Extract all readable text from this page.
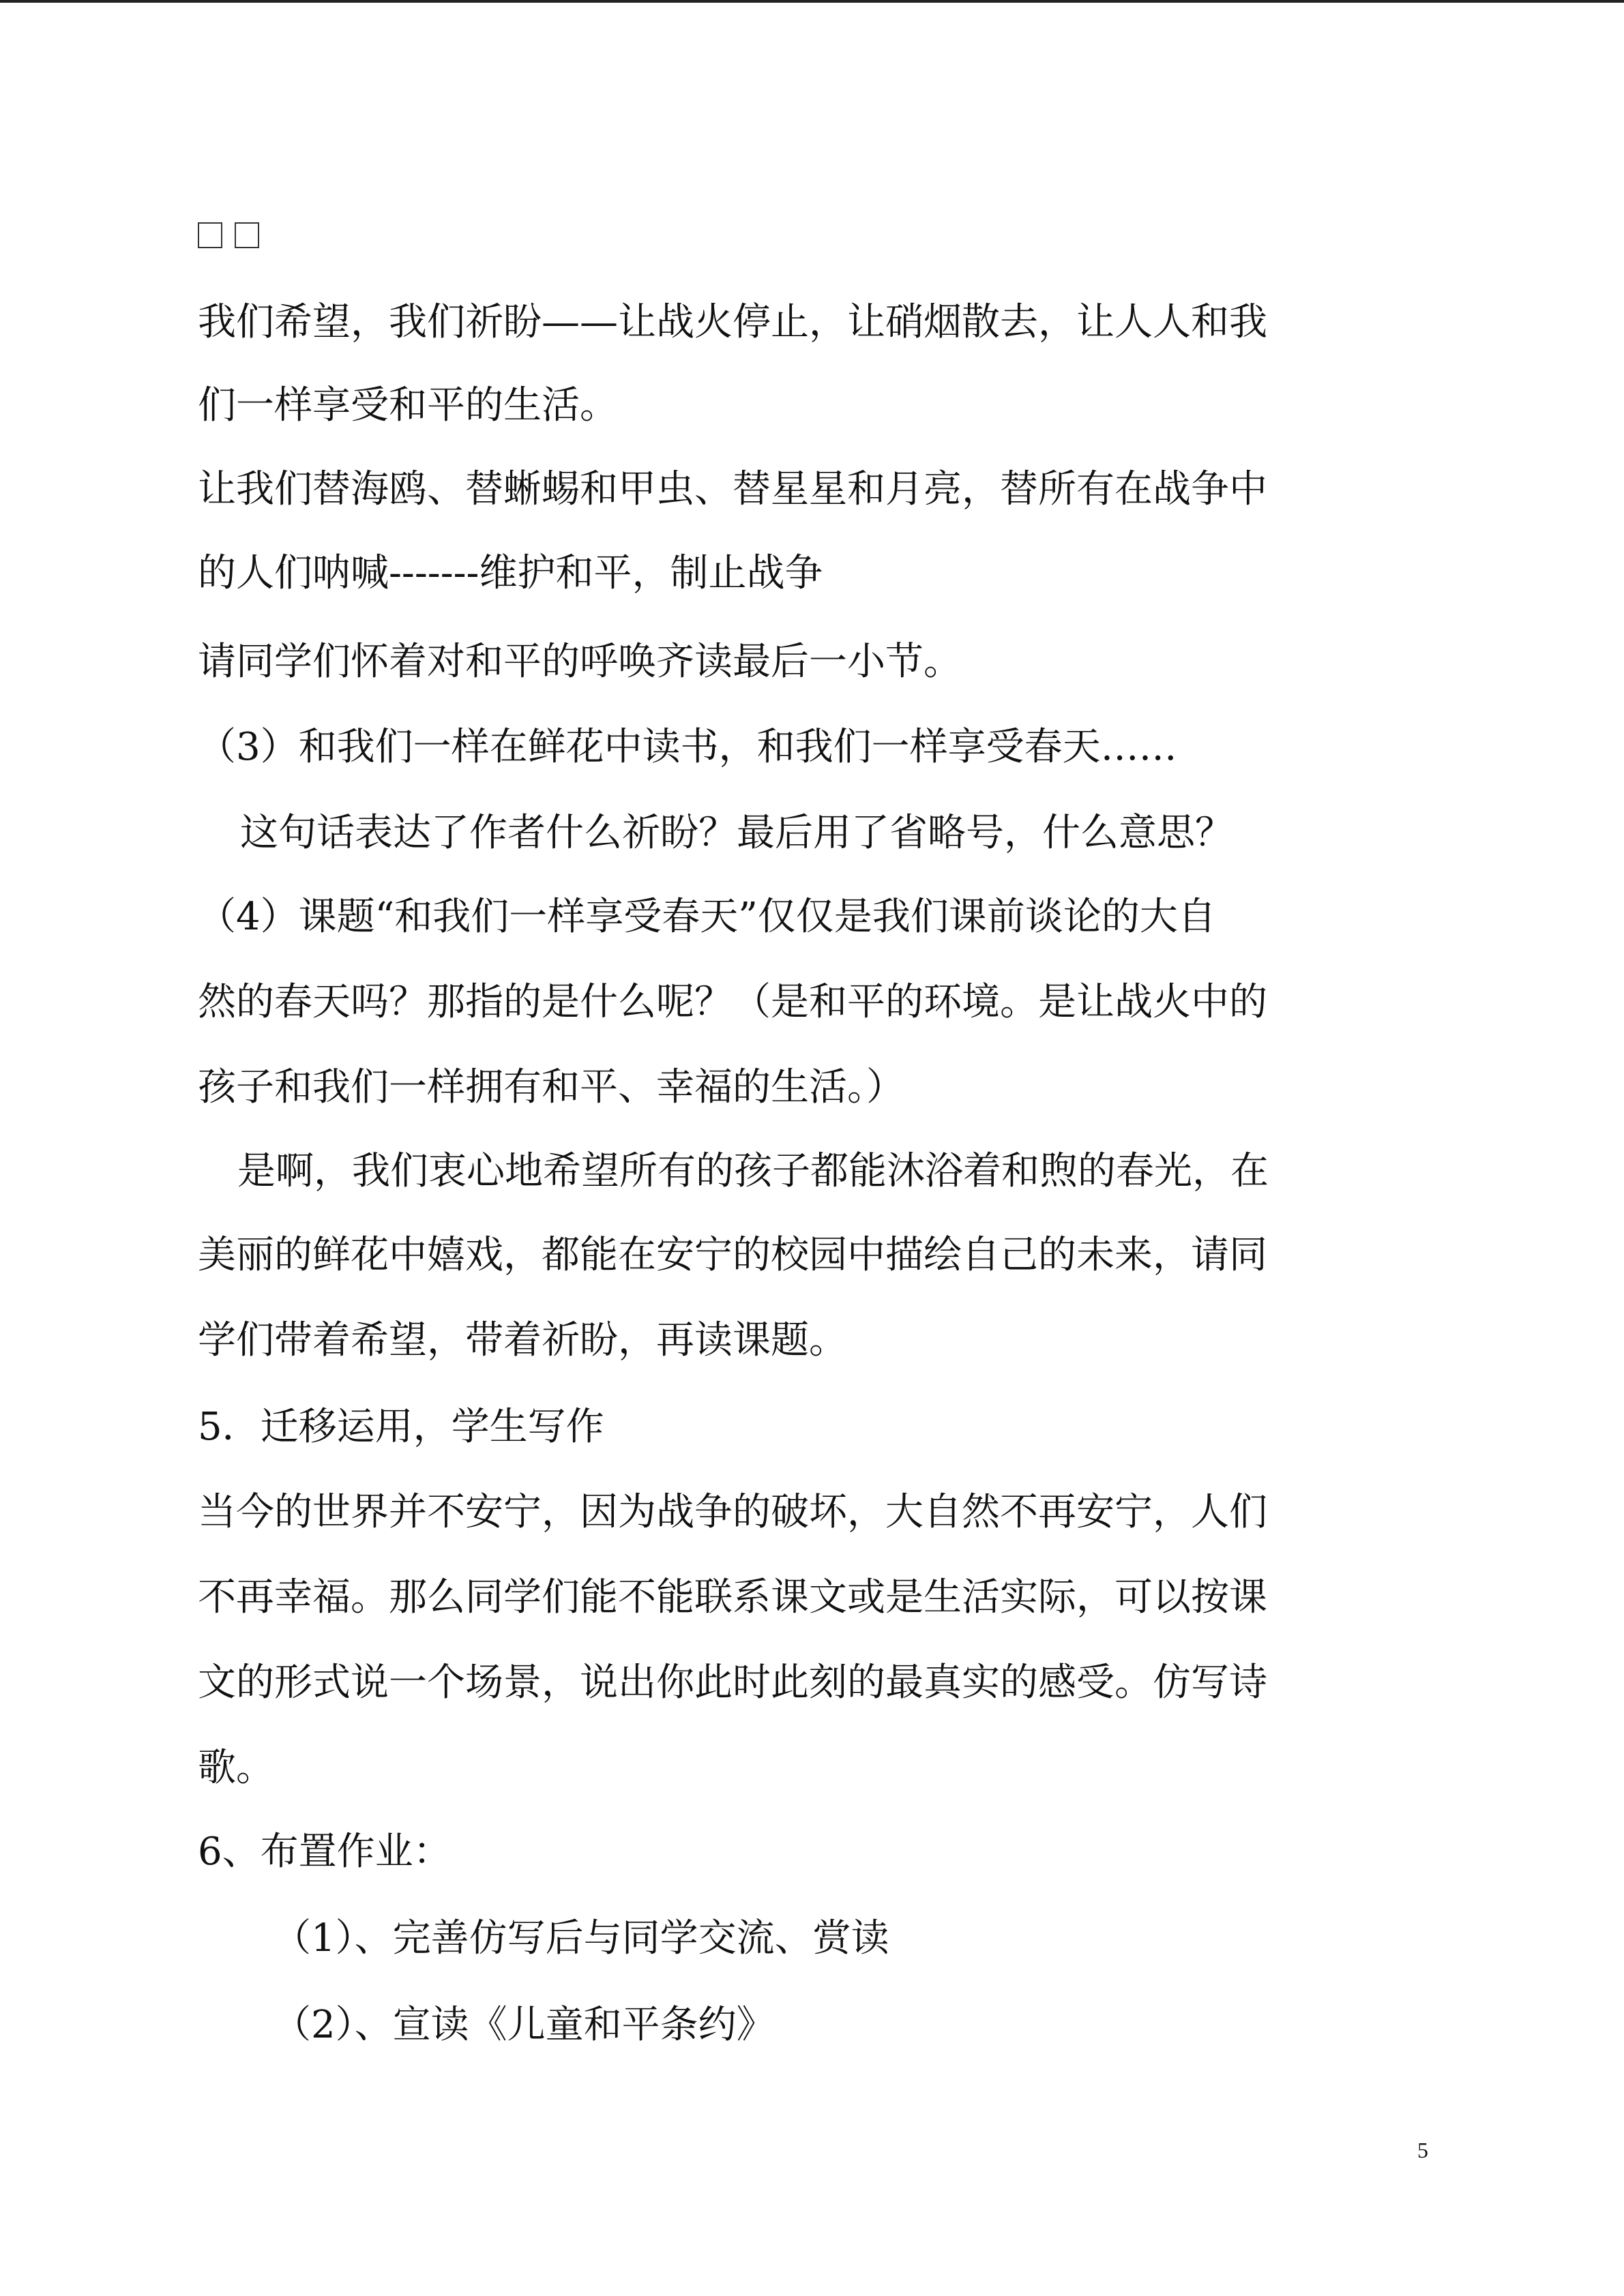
我们希望，我们祈盼——让战火停止，让硝烟散去，让人人和我
们一样享受和平的生活。
让我们替海鸥、替蜥蜴和甲虫、替星星和月亮，替所有在战争中
的人们呐喊-------维护和平，制止战争
请同学们怀着对和平的呼唤齐读最后一小节。
（3）和我们一样在鲜花中读书，和我们一样享受春天……
这句话表达了作者什么祈盼？最后用了省略号，什么意思？
（4）课题“和我们一样享受春天”仅仅是我们课前谈论的大自
然的春天吗？那指的是什么呢？（是和平的环境。是让战火中的
孩子和我们一样拥有和平、幸福的生活。）
是啊，我们衷心地希望所有的孩子都能沐浴着和煦的春光，在
美丽的鲜花中嬉戏，都能在安宁的校园中描绘自己的未来，请同
学们带着希望，带着祈盼，再读课题。
5．迁移运用，学生写作
当今的世界并不安宁，因为战争的破坏，大自然不再安宁，人们
不再幸福。那么同学们能不能联系课文或是生活实际，可以按课
文的形式说一个场景，说出你此时此刻的最真实的感受。仿写诗
歌。
6、布置作业：
（1）、完善仿写后与同学交流、赏读
（2）、宣读《儿童和平条约》
5
